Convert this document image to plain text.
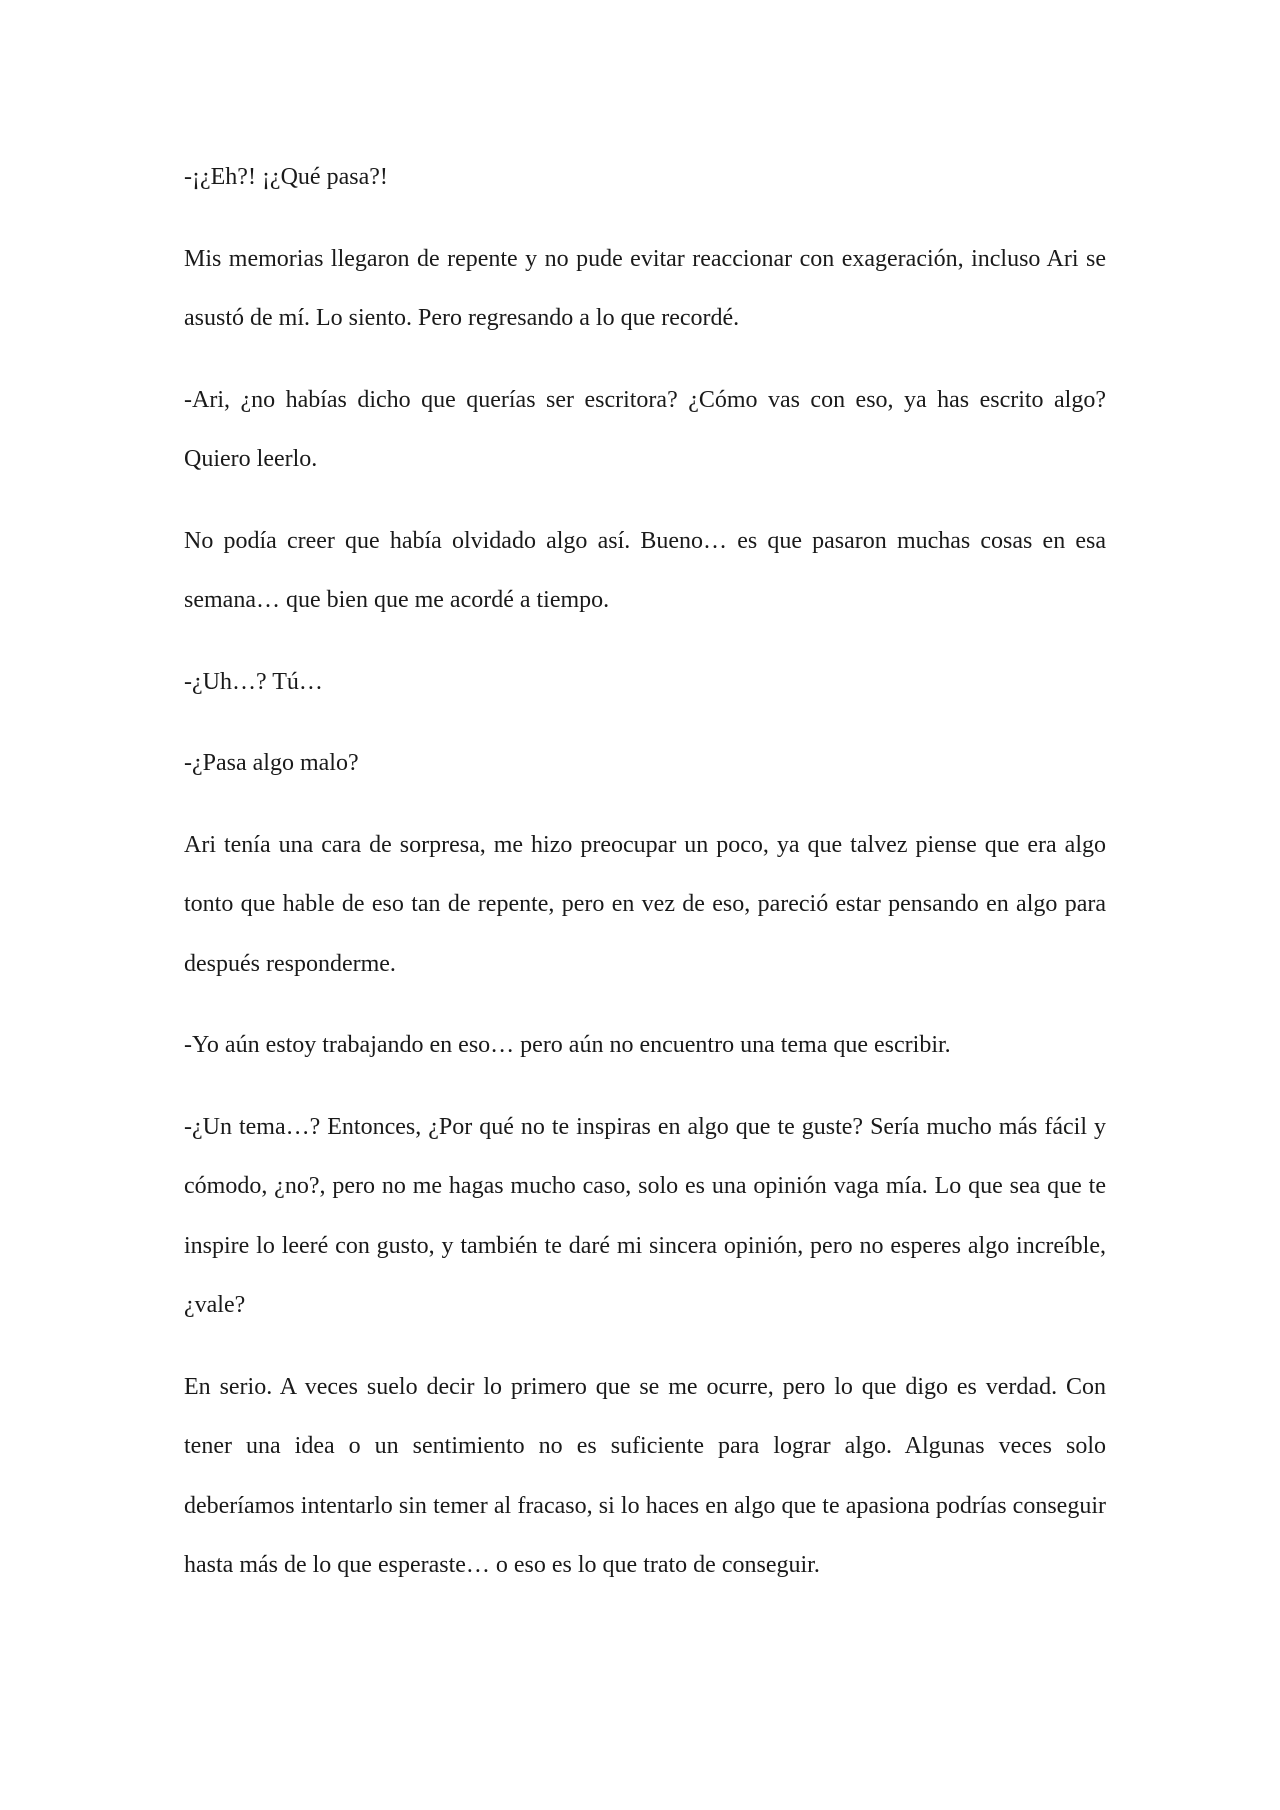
-¡¿Eh?! ¡¿Qué pasa?!

Mis memorias llegaron de repente y no pude evitar reaccionar con exageración, incluso Ari se asustó de mí. Lo siento. Pero regresando a lo que recordé.

-Ari, ¿no habías dicho que querías ser escritora? ¿Cómo vas con eso, ya has escrito algo? Quiero leerlo.

No podía creer que había olvidado algo así. Bueno… es que pasaron muchas cosas en esa semana… que bien que me acordé a tiempo.

-¿Uh…? Tú…

-¿Pasa algo malo?

Ari tenía una cara de sorpresa, me hizo preocupar un poco, ya que talvez piense que era algo tonto que hable de eso tan de repente, pero en vez de eso, pareció estar pensando en algo para después responderme.

-Yo aún estoy trabajando en eso… pero aún no encuentro una tema que escribir.

-¿Un tema…? Entonces, ¿Por qué no te inspiras en algo que te guste? Sería mucho más fácil y cómodo, ¿no?, pero no me hagas mucho caso, solo es una opinión vaga mía. Lo que sea que te inspire lo leeré con gusto, y también te daré mi sincera opinión, pero no esperes algo increíble, ¿vale?

En serio. A veces suelo decir lo primero que se me ocurre, pero lo que digo es verdad. Con tener una idea o un sentimiento no es suficiente para lograr algo. Algunas veces solo deberíamos intentarlo sin temer al fracaso, si lo haces en algo que te apasiona podrías conseguir hasta más de lo que esperaste… o eso es lo que trato de conseguir.
